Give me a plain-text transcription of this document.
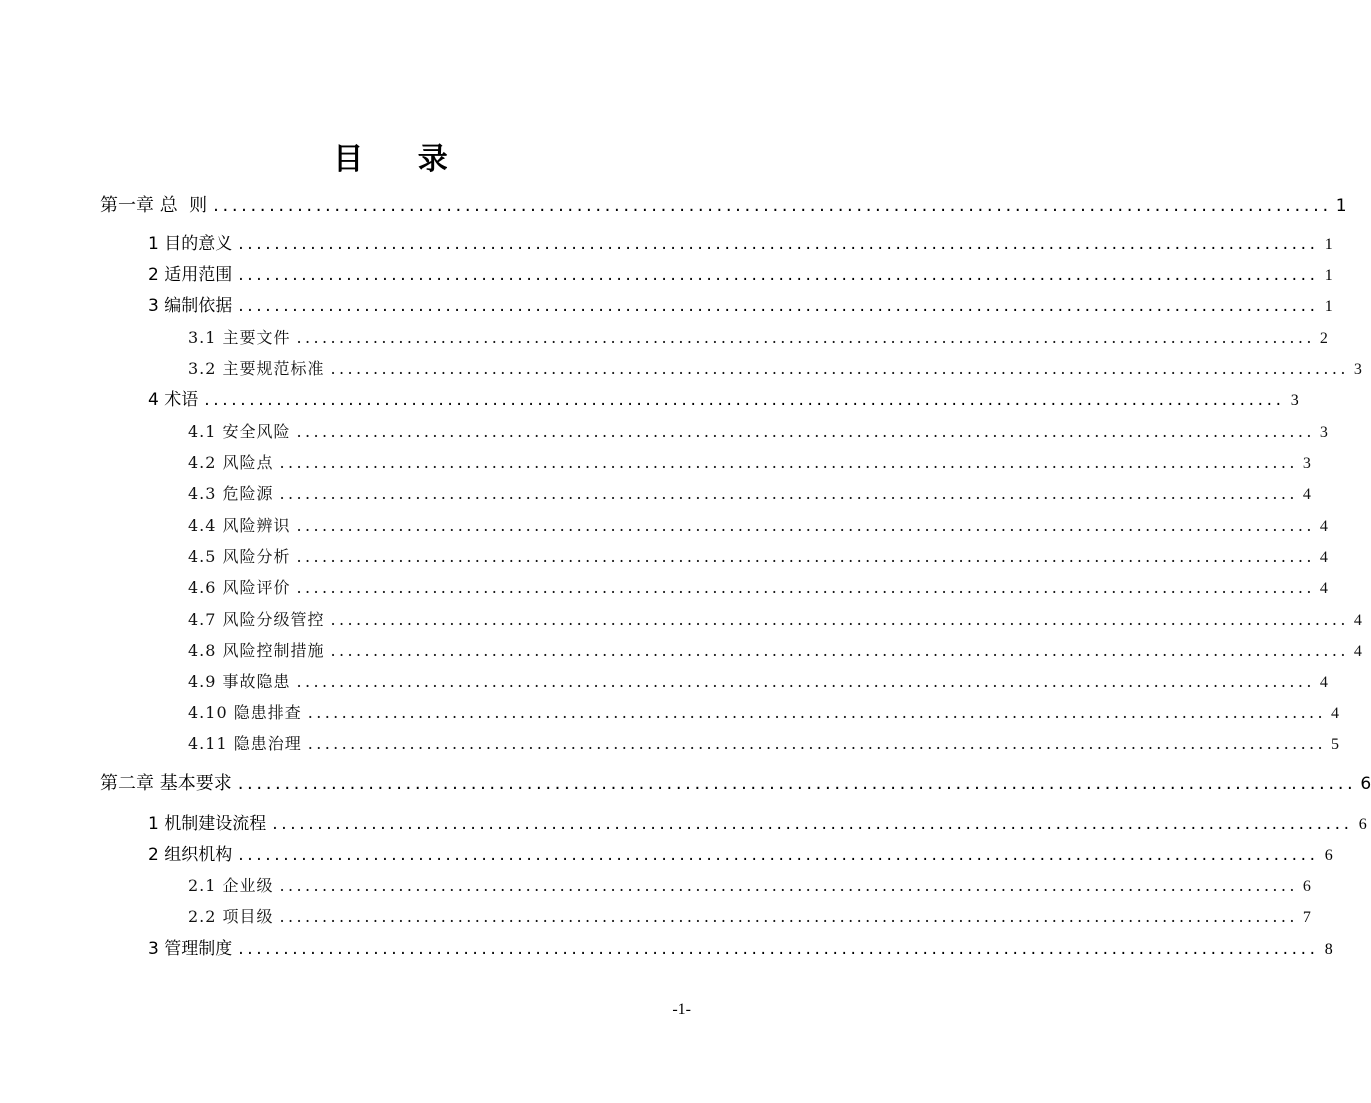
目 录
第一章 总  则 ........................................................................................................................ 1
1 目的意义 ........................................................................................................................ 1
2 适用范围 ........................................................................................................................ 1
3 编制依据 ........................................................................................................................ 1
3.1 主要文件 ........................................................................................................................ 2
3.2 主要规范标准 ........................................................................................................................ 3
4 术语 ........................................................................................................................ 3
4.1 安全风险 ........................................................................................................................ 3
4.2 风险点 ........................................................................................................................ 3
4.3 危险源 ........................................................................................................................ 4
4.4 风险辨识 ........................................................................................................................ 4
4.5 风险分析 ........................................................................................................................ 4
4.6 风险评价 ........................................................................................................................ 4
4.7 风险分级管控 ........................................................................................................................ 4
4.8 风险控制措施 ........................................................................................................................ 4
4.9 事故隐患 ........................................................................................................................ 4
4.10 隐患排查 ........................................................................................................................ 4
4.11 隐患治理 ........................................................................................................................ 5
第二章 基本要求 ........................................................................................................................ 6
1 机制建设流程 ........................................................................................................................ 6
2 组织机构 ........................................................................................................................ 6
2.1 企业级 ........................................................................................................................ 6
2.2 项目级 ........................................................................................................................ 7
3 管理制度 ........................................................................................................................ 8
-1-
